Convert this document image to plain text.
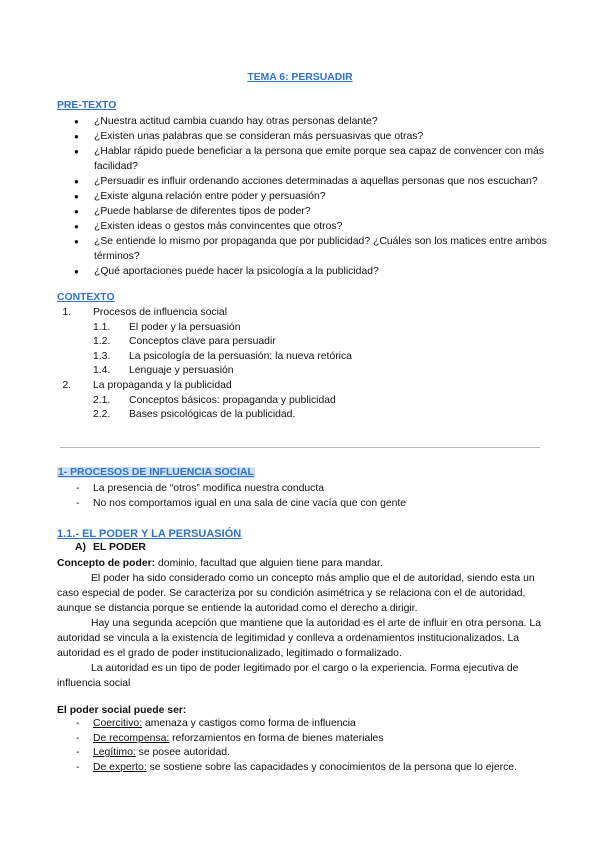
TEMA 6: PERSUADIR
PRE-TEXTO
● ¿Nuestra actitud cambia cuando hay otras personas delante?
● ¿Existen unas palabras que se consideran más persuasivas que otras?
● ¿Hablar rápido puede beneficiar a la persona que emite porque sea capaz de convencer con más facilidad?
● ¿Persuadir es influir ordenando acciones determinadas a aquellas personas que nos escuchan?
● ¿Existe alguna relación entre poder y persuasión?
● ¿Puede hablarse de diferentes tipos de poder?
● ¿Existen ideas o gestos más convincentes que otros?
● ¿Se entiende lo mismo por propaganda que por publicidad? ¿Cuáles son los matices entre ambos términos?
● ¿Qué aportaciones puede hacer la psicología a la publicidad?
CONTEXTO
1. Procesos de influencia social
1.1.	El poder y la persuasión
1.2.	Conceptos clave para persuadir
1.3.	La psicología de la persuasión: la nueva retórica
1.4.	Lenguaje y persuasión
2. La propaganda y la publicidad
2.1.	Conceptos básicos: propaganda y publicidad
2.2.	Bases psicológicas de la publicidad.
1- PROCESOS DE INFLUENCIA SOCIAL
- La presencia de “otros” modifica nuestra conducta
- No nos comportamos igual en una sala de cine vacía que con gente
1.1.- EL PODER Y LA PERSUASIÓN
A) EL PODER

Concepto de poder: dominio, facultad que alguien tiene para mandar.

El poder ha sido considerado como un concepto más amplio que el de autoridad, siendo esta un caso especial de poder. Se caracteriza por su condición asimétrica y se relaciona con el de autoridad, aunque se distancia porque se entiende la autoridad como el derecho a dirigir.

Hay una segunda acepción que mantiene que la autoridad es el arte de influir en otra persona. La autoridad se vincula a la existencia de legitimidad y conlleva a ordenamientos institucionalizados. La autoridad es el grado de poder institucionalizado, legitimado o formalizado.

La autoridad es un tipo de poder legitimado por el cargo o la experiencia. Forma ejecutiva de influencia social

El poder social puede ser:
- Coercitivo: amenaza y castigos como forma de influencia
- De recompensa: reforzamientos en forma de bienes materiales
- Legítimo: se posee autoridad.
- De experto: se sostiene sobre las capacidades y conocimientos de la persona que lo ejerce.
